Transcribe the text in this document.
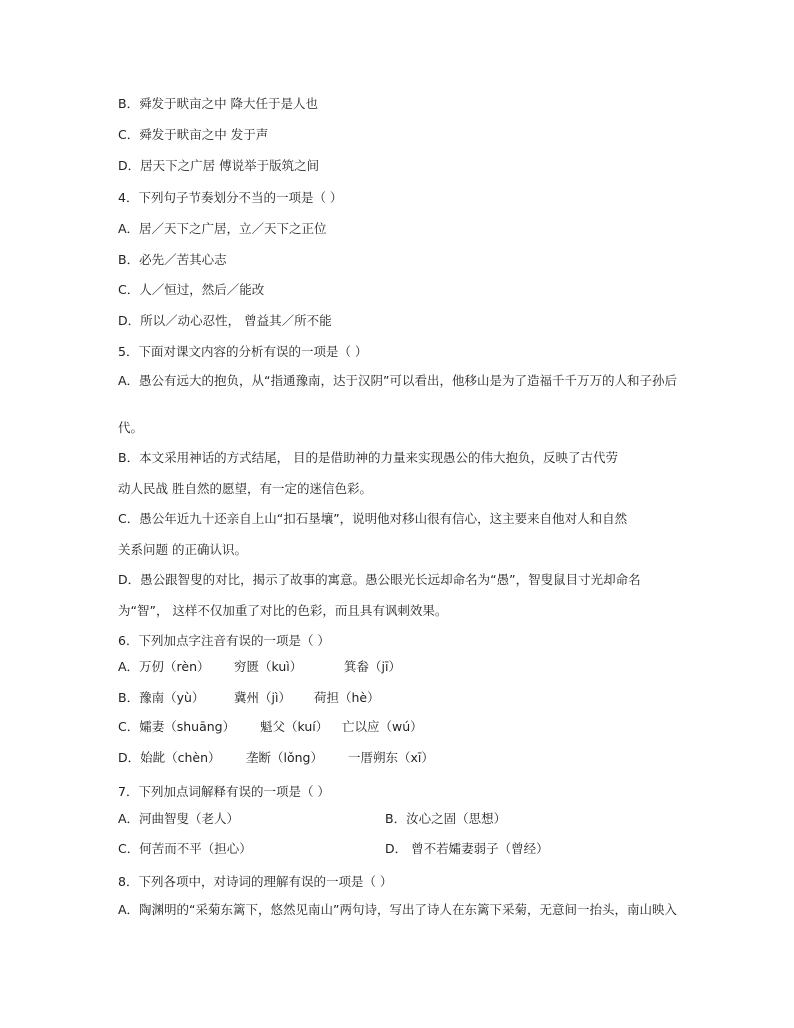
B．舜发于畎亩之中 降大任于是人也
C．舜发于畎亩之中 发于声
D．居天下之广居 傅说举于版筑之间
4．下列句子节奏划分不当的一项是（ ）
A．居／天下之广居，立／天下之正位
B．必先／苦其心志
C．人／恒过，然后／能改
D．所以／动心忍性， 曾益其／所不能
5．下面对课文内容的分析有误的一项是（ ）
A．愚公有远大的抱负，从“指通豫南，达于汉阴”可以看出，他移山是为了造福千千万万的人和子孙后
代。
B．本文采用神话的方式结尾， 目的是借助神的力量来实现愚公的伟大抱负，反映了古代劳
动人民战 胜自然的愿望，有一定的迷信色彩。
C．愚公年近九十还亲自上山“扣石垦壤”，说明他对移山很有信心，这主要来自他对人和自然
关系问题 的正确认识。
D．愚公跟智叟的对比，揭示了故事的寓意。愚公眼光长远却命名为“愚”，智叟鼠目寸光却命名
为“智”， 这样不仅加重了对比的色彩，而且具有讽刺效果。
6．下列加点字注音有误的一项是（ ）
A．万仞（rèn） 穷匮（kuì）	箕畚（jī）
B．豫南（yù） 冀州（jì） 荷担（hè）
C．孀妻（shuāng） 魁父（kuí） 亡以应（wú）
D．始龀（chèn） 垄断（lǒng） 一厝朔东（xī）
7．下列加点词解释有误的一项是（ ）
A．河曲智叟（老人）	B．汝心之固（思想）
C．何苦而不平（担心）	D． 曾不若孀妻弱子（曾经）
8．下列各项中，对诗词的理解有误的一项是（ ）
A．陶渊明的“采菊东篱下，悠然见南山”两句诗，写出了诗人在东篱下采菊，无意间一抬头，南山映入
